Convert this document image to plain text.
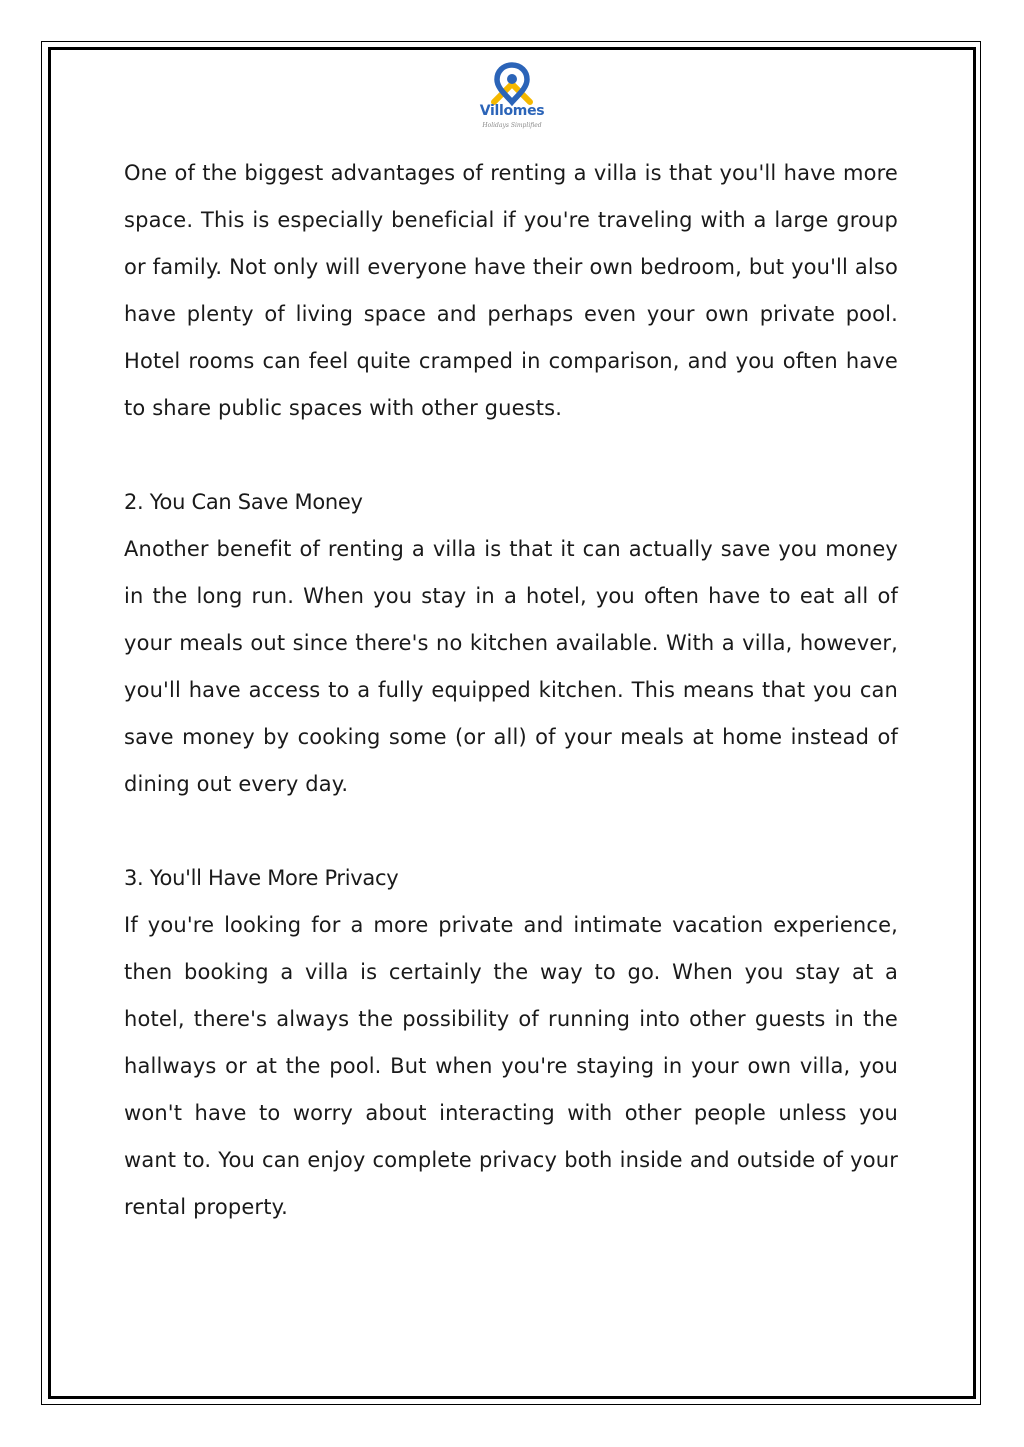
Villomes
Holidays Simplified

One of the biggest advantages of renting a villa is that you'll have more space. This is especially beneficial if you're traveling with a large group or family. Not only will everyone have their own bedroom, but you'll also have plenty of living space and perhaps even your own private pool. Hotel rooms can feel quite cramped in comparison, and you often have to share public spaces with other guests.

2. You Can Save Money

Another benefit of renting a villa is that it can actually save you money in the long run. When you stay in a hotel, you often have to eat all of your meals out since there's no kitchen available. With a villa, however, you'll have access to a fully equipped kitchen. This means that you can save money by cooking some (or all) of your meals at home instead of dining out every day.

3. You'll Have More Privacy

If you're looking for a more private and intimate vacation experience, then booking a villa is certainly the way to go. When you stay at a hotel, there's always the possibility of running into other guests in the hallways or at the pool. But when you're staying in your own villa, you won't have to worry about interacting with other people unless you want to. You can enjoy complete privacy both inside and outside of your rental property.
